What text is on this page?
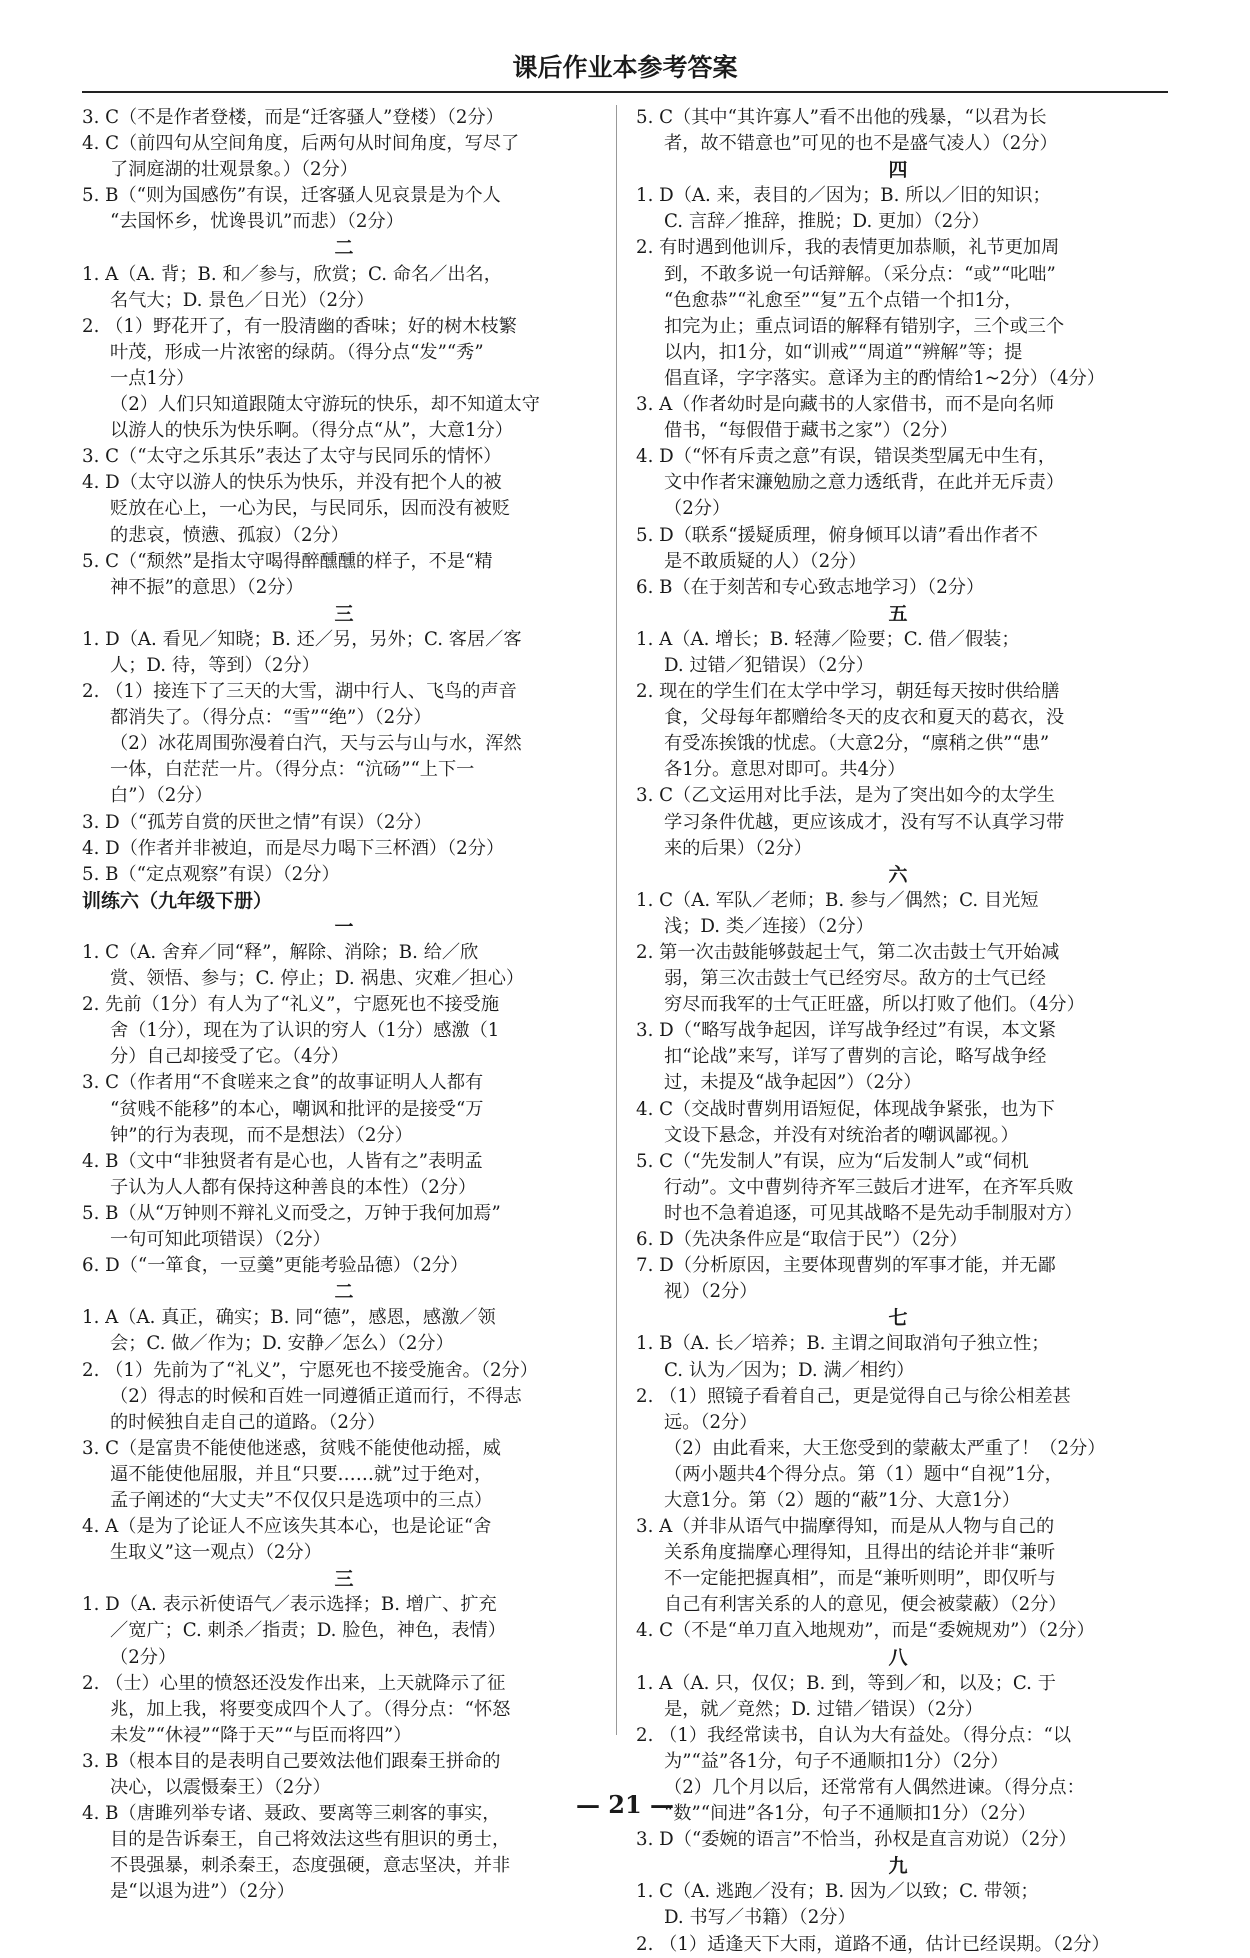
课后作业本参考答案
3. C（不是作者登楼，而是“迁客骚人”登楼）（2分）
4. C（前四句从空间角度，后两句从时间角度，写尽了
了洞庭湖的壮观景象。）（2分）
5. B（“则为国感伤”有误，迁客骚人见哀景是为个人
“去国怀乡，忧谗畏讥”而悲）（2分）
二
1. A（A. 背；B. 和／参与，欣赏；C. 命名／出名，
名气大；D. 景色／日光）（2分）
2. （1）野花开了，有一股清幽的香味；好的树木枝繁
叶茂，形成一片浓密的绿荫。（得分点“发”“秀”
一点1分）
（2）人们只知道跟随太守游玩的快乐，却不知道太守
以游人的快乐为快乐啊。（得分点“从”，大意1分）
3. C（“太守之乐其乐”表达了太守与民同乐的情怀）
4. D（太守以游人的快乐为快乐，并没有把个人的被
贬放在心上，一心为民，与民同乐，因而没有被贬
的悲哀，愤懑、孤寂）（2分）
5. C（“颓然”是指太守喝得醉醺醺的样子，不是“精
神不振”的意思）（2分）
三
1. D（A. 看见／知晓；B. 还／另，另外；C. 客居／客
人；D. 待，等到）（2分）
2. （1）接连下了三天的大雪，湖中行人、飞鸟的声音
都消失了。（得分点：“雪”“绝”）（2分）
（2）冰花周围弥漫着白汽，天与云与山与水，浑然
一体，白茫茫一片。（得分点：“沆砀”“上下一
白”）（2分）
3. D（“孤芳自赏的厌世之情”有误）（2分）
4. D（作者并非被迫，而是尽力喝下三杯酒）（2分）
5. B（“定点观察”有误）（2分）
训练六（九年级下册）
一
1. C（A. 舍弃／同“释”，解除、消除；B. 给／欣
赏、领悟、参与；C. 停止；D. 祸患、灾难／担心）
2. 先前（1分）有人为了“礼义”，宁愿死也不接受施
舍（1分），现在为了认识的穷人（1分）感激（1
分）自己却接受了它。（4分）
3. C（作者用“不食嗟来之食”的故事证明人人都有
“贫贱不能移”的本心，嘲讽和批评的是接受“万
钟”的行为表现，而不是想法）（2分）
4. B（文中“非独贤者有是心也，人皆有之”表明孟
子认为人人都有保持这种善良的本性）（2分）
5. B（从“万钟则不辩礼义而受之，万钟于我何加焉”
一句可知此项错误）（2分）
6. D（“一箪食，一豆羹”更能考验品德）（2分）
二
1. A（A. 真正，确实；B. 同“德”，感恩，感激／领
会；C. 做／作为；D. 安静／怎么）（2分）
2. （1）先前为了“礼义”，宁愿死也不接受施舍。（2分）
（2）得志的时候和百姓一同遵循正道而行，不得志
的时候独自走自己的道路。（2分）
3. C（是富贵不能使他迷惑，贫贱不能使他动摇，威
逼不能使他屈服，并且“只要……就”过于绝对，
孟子阐述的“大丈夫”不仅仅只是选项中的三点）
4. A（是为了论证人不应该失其本心，也是论证“舍
生取义”这一观点）（2分）
三
1. D（A. 表示祈使语气／表示选择；B. 增广、扩充
／宽广；C. 刺杀／指责；D. 脸色，神色，表情）
（2分）
2. （士）心里的愤怒还没发作出来，上天就降示了征
兆，加上我，将要变成四个人了。（得分点：“怀怒
未发”“休祲”“降于天”“与臣而将四”）
3. B（根本目的是表明自己要效法他们跟秦王拼命的
决心，以震慑秦王）（2分）
4. B（唐雎列举专诸、聂政、要离等三刺客的事实，
目的是告诉秦王，自己将效法这些有胆识的勇士，
不畏强暴，刺杀秦王，态度强硬，意志坚决，并非
是“以退为进”）（2分）
5. C（其中“其许寡人”看不出他的残暴，“以君为长
者，故不错意也”可见的也不是盛气凌人）（2分）
四
1. D（A. 来，表目的／因为；B. 所以／旧的知识；
C. 言辞／推辞，推脱；D. 更加）（2分）
2. 有时遇到他训斥，我的表情更加恭顺，礼节更加周
到，不敢多说一句话辩解。（采分点：“或”“叱咄”
“色愈恭”“礼愈至”“复”五个点错一个扣1分，
扣完为止；重点词语的解释有错别字，三个或三个
以内，扣1分，如“训戒”“周道”“辨解”等；提
倡直译，字字落实。意译为主的酌情给1~2分）（4分）
3. A（作者幼时是向藏书的人家借书，而不是向名师
借书，“每假借于藏书之家”）（2分）
4. D（“怀有斥责之意”有误，错误类型属无中生有，
文中作者宋濂勉励之意力透纸背，在此并无斥责）
（2分）
5. D（联系“援疑质理，俯身倾耳以请”看出作者不
是不敢质疑的人）（2分）
6. B（在于刻苦和专心致志地学习）（2分）
五
1. A（A. 增长；B. 轻薄／险要；C. 借／假装；
D. 过错／犯错误）（2分）
2. 现在的学生们在太学中学习，朝廷每天按时供给膳
食，父母每年都赠给冬天的皮衣和夏天的葛衣，没
有受冻挨饿的忧虑。（大意2分，“廪稍之供”“患”
各1分。意思对即可。共4分）
3. C（乙文运用对比手法，是为了突出如今的太学生
学习条件优越，更应该成才，没有写不认真学习带
来的后果）（2分）
六
1. C（A. 军队／老师；B. 参与／偶然；C. 目光短
浅；D. 类／连接）（2分）
2. 第一次击鼓能够鼓起士气，第二次击鼓士气开始减
弱，第三次击鼓士气已经穷尽。敌方的士气已经
穷尽而我军的士气正旺盛，所以打败了他们。（4分）
3. D（“略写战争起因，详写战争经过”有误，本文紧
扣“论战”来写，详写了曹刿的言论，略写战争经
过，未提及“战争起因”）（2分）
4. C（交战时曹刿用语短促，体现战争紧张，也为下
文设下悬念，并没有对统治者的嘲讽鄙视。）
5. C（“先发制人”有误，应为“后发制人”或“伺机
行动”。文中曹刿待齐军三鼓后才进军，在齐军兵败
时也不急着追逐，可见其战略不是先动手制服对方）
6. D（先决条件应是“取信于民”）（2分）
7. D（分析原因，主要体现曹刿的军事才能，并无鄙
视）（2分）
七
1. B（A. 长／培养；B. 主谓之间取消句子独立性；
C. 认为／因为；D. 满／相约）
2. （1）照镜子看着自己，更是觉得自己与徐公相差甚
远。（2分）
（2）由此看来，大王您受到的蒙蔽太严重了！（2分）
（两小题共4个得分点。第（1）题中“自视”1分，
大意1分。第（2）题的“蔽”1分、大意1分）
3. A（并非从语气中揣摩得知，而是从人物与自己的
关系角度揣摩心理得知，且得出的结论并非“兼听
不一定能把握真相”，而是“兼听则明”，即仅听与
自己有利害关系的人的意见，便会被蒙蔽）（2分）
4. C（不是“单刀直入地规劝”，而是“委婉规劝”）（2分）
八
1. A（A. 只，仅仅；B. 到，等到／和，以及；C. 于
是，就／竟然；D. 过错／错误）（2分）
2. （1）我经常读书，自认为大有益处。（得分点：“以
为”“益”各1分，句子不通顺扣1分）（2分）
（2）几个月以后，还常常有人偶然进谏。（得分点：
“数”“间进”各1分，句子不通顺扣1分）（2分）
3. D（“委婉的语言”不恰当，孙权是直言劝说）（2分）
九
1. C（A. 逃跑／没有；B. 因为／以致；C. 带领；
D. 书写／书籍）（2分）
2. （1）适逢天下大雨，道路不通，估计已经误期。（2分）
— 21 —
